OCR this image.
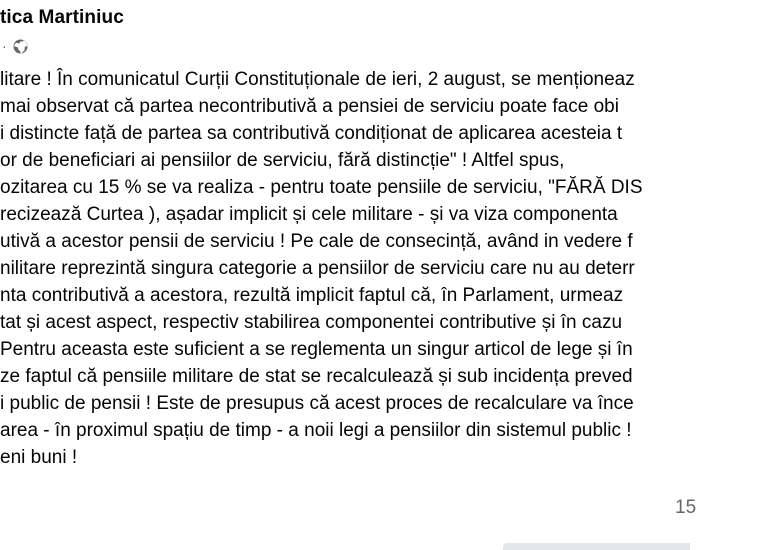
tica Martiniuc
·
litare ! În comunicatul Curții Constituționale de ieri, 2 august, se menționeaz
mai observat că partea necontributivă a pensiei de serviciu poate face obi
i distincte față de partea sa contributivă condiționat de aplicarea acesteia t
or de beneficiari ai pensiilor de serviciu, fără distincție" ! Altfel spus,
ozitarea cu 15 % se va realiza - pentru toate pensiile de serviciu, "FĂRĂ DIS
recizează Curtea ), așadar implicit și cele militare - și va viza componenta
utivă a acestor pensii de serviciu ! Pe cale de consecință, având in vedere f
nilitare reprezintă singura categorie a pensiilor de serviciu care nu au deterr
nta contributivă a acestora, rezultă implicit faptul că, în Parlament, urmeaz
tat și acest aspect, respectiv stabilirea componentei contributive și în cazu
Pentru aceasta este suficient a se reglementa un singur articol de lege și în
ze faptul că pensiile militare de stat se recalculează și sub incidența preved
i public de pensii ! Este de presupus că acest proces de recalculare va înce
area - în proximul spațiu de timp - a noii legi a pensiilor din sistemul public !
eni buni !
15
